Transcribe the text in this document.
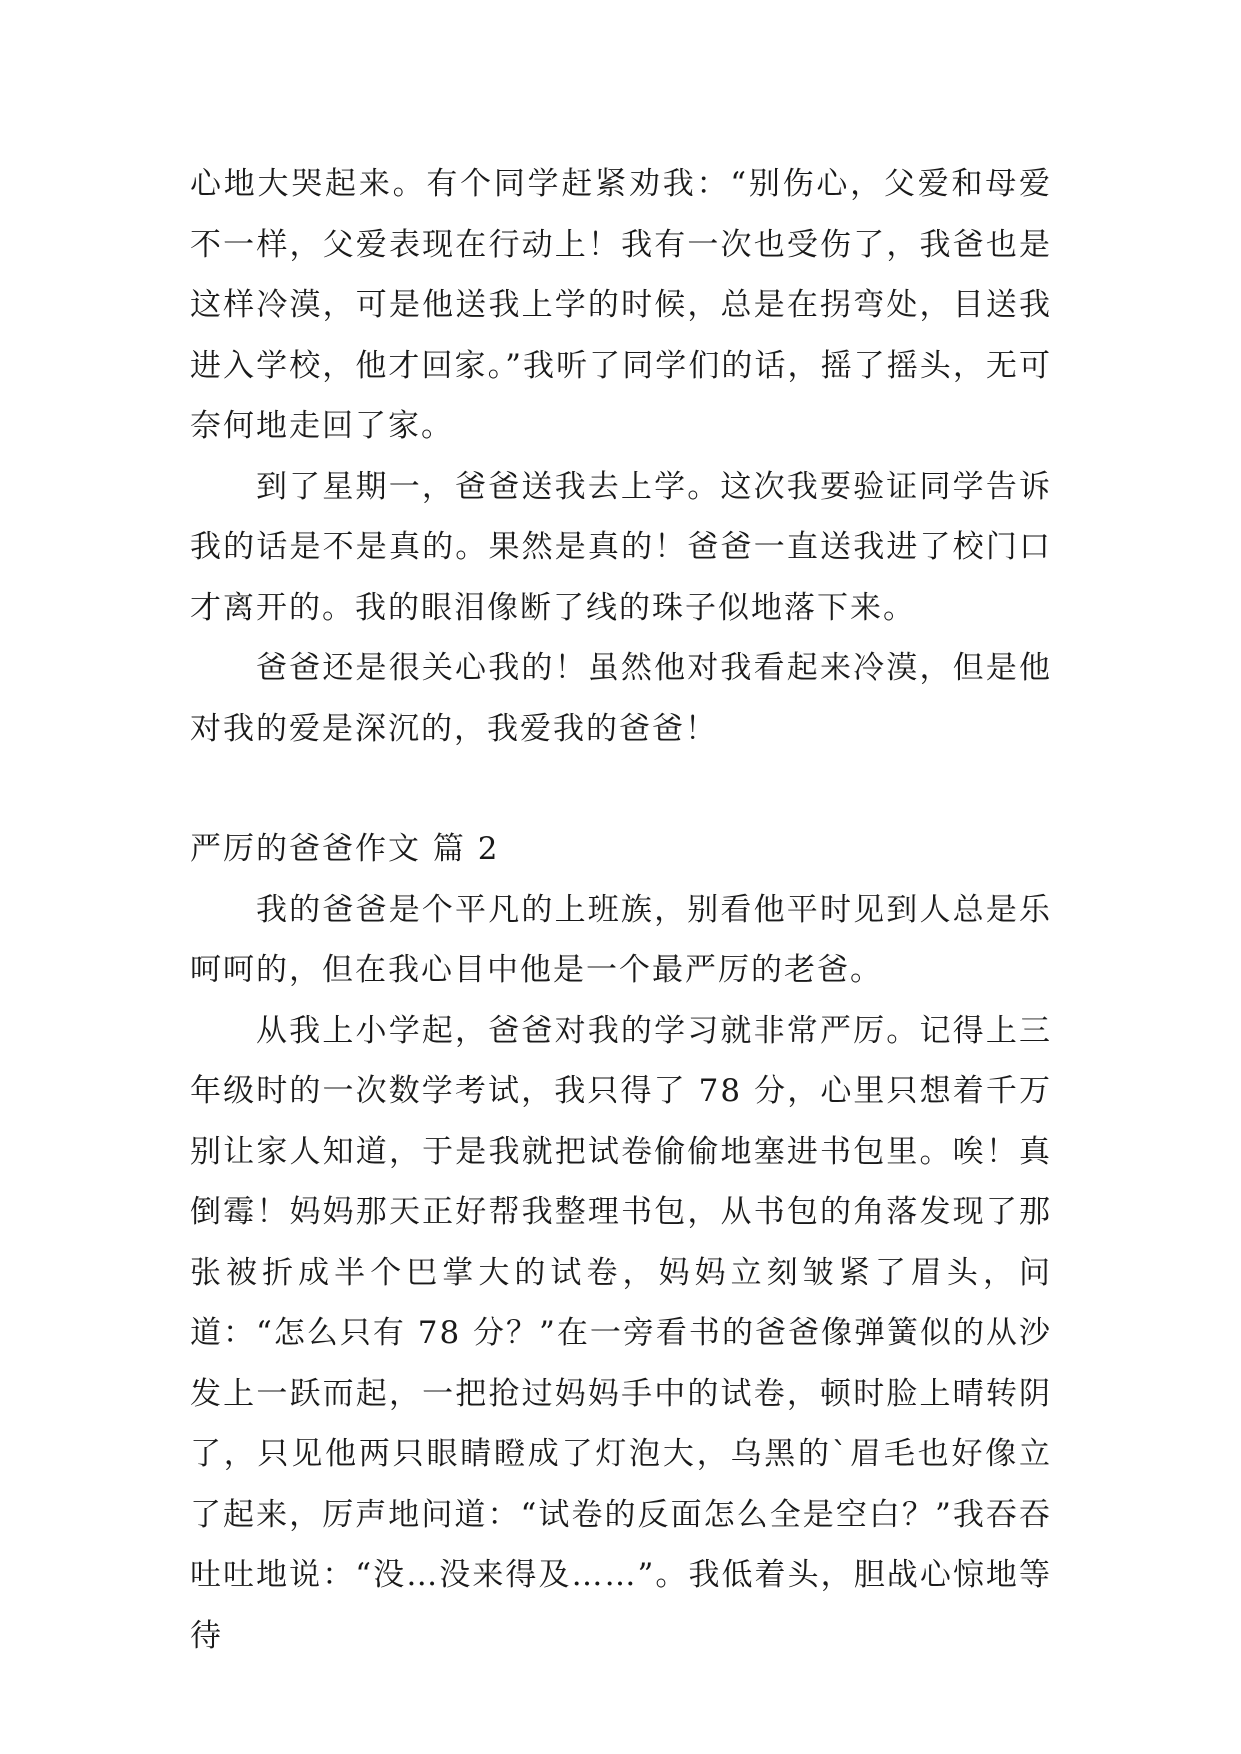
心地大哭起来。有个同学赶紧劝我：“别伤心，父爱和母爱不一样，父爱表现在行动上！我有一次也受伤了，我爸也是这样冷漠，可是他送我上学的时候，总是在拐弯处，目送我进入学校，他才回家。”我听了同学们的话，摇了摇头，无可奈何地走回了家。

到了星期一，爸爸送我去上学。这次我要验证同学告诉我的话是不是真的。果然是真的！爸爸一直送我进了校门口才离开的。我的眼泪像断了线的珠子似地落下来。

爸爸还是很关心我的！虽然他对我看起来冷漠，但是他对我的爱是深沉的，我爱我的爸爸！

严厉的爸爸作文 篇 2

我的爸爸是个平凡的上班族，别看他平时见到人总是乐呵呵的，但在我心目中他是一个最严厉的老爸。

从我上小学起，爸爸对我的学习就非常严厉。记得上三年级时的一次数学考试，我只得了 78 分，心里只想着千万别让家人知道，于是我就把试卷偷偷地塞进书包里。唉！真倒霉！妈妈那天正好帮我整理书包，从书包的角落发现了那张被折成半个巴掌大的试卷，妈妈立刻皱紧了眉头，问道：“怎么只有 78 分？”在一旁看书的爸爸像弹簧似的从沙发上一跃而起，一把抢过妈妈手中的试卷，顿时脸上晴转阴了，只见他两只眼睛瞪成了灯泡大，乌黑的`眉毛也好像立了起来，厉声地问道：“试卷的反面怎么全是空白？”我吞吞吐吐地说：“没…没来得及……”。我低着头，胆战心惊地等待
